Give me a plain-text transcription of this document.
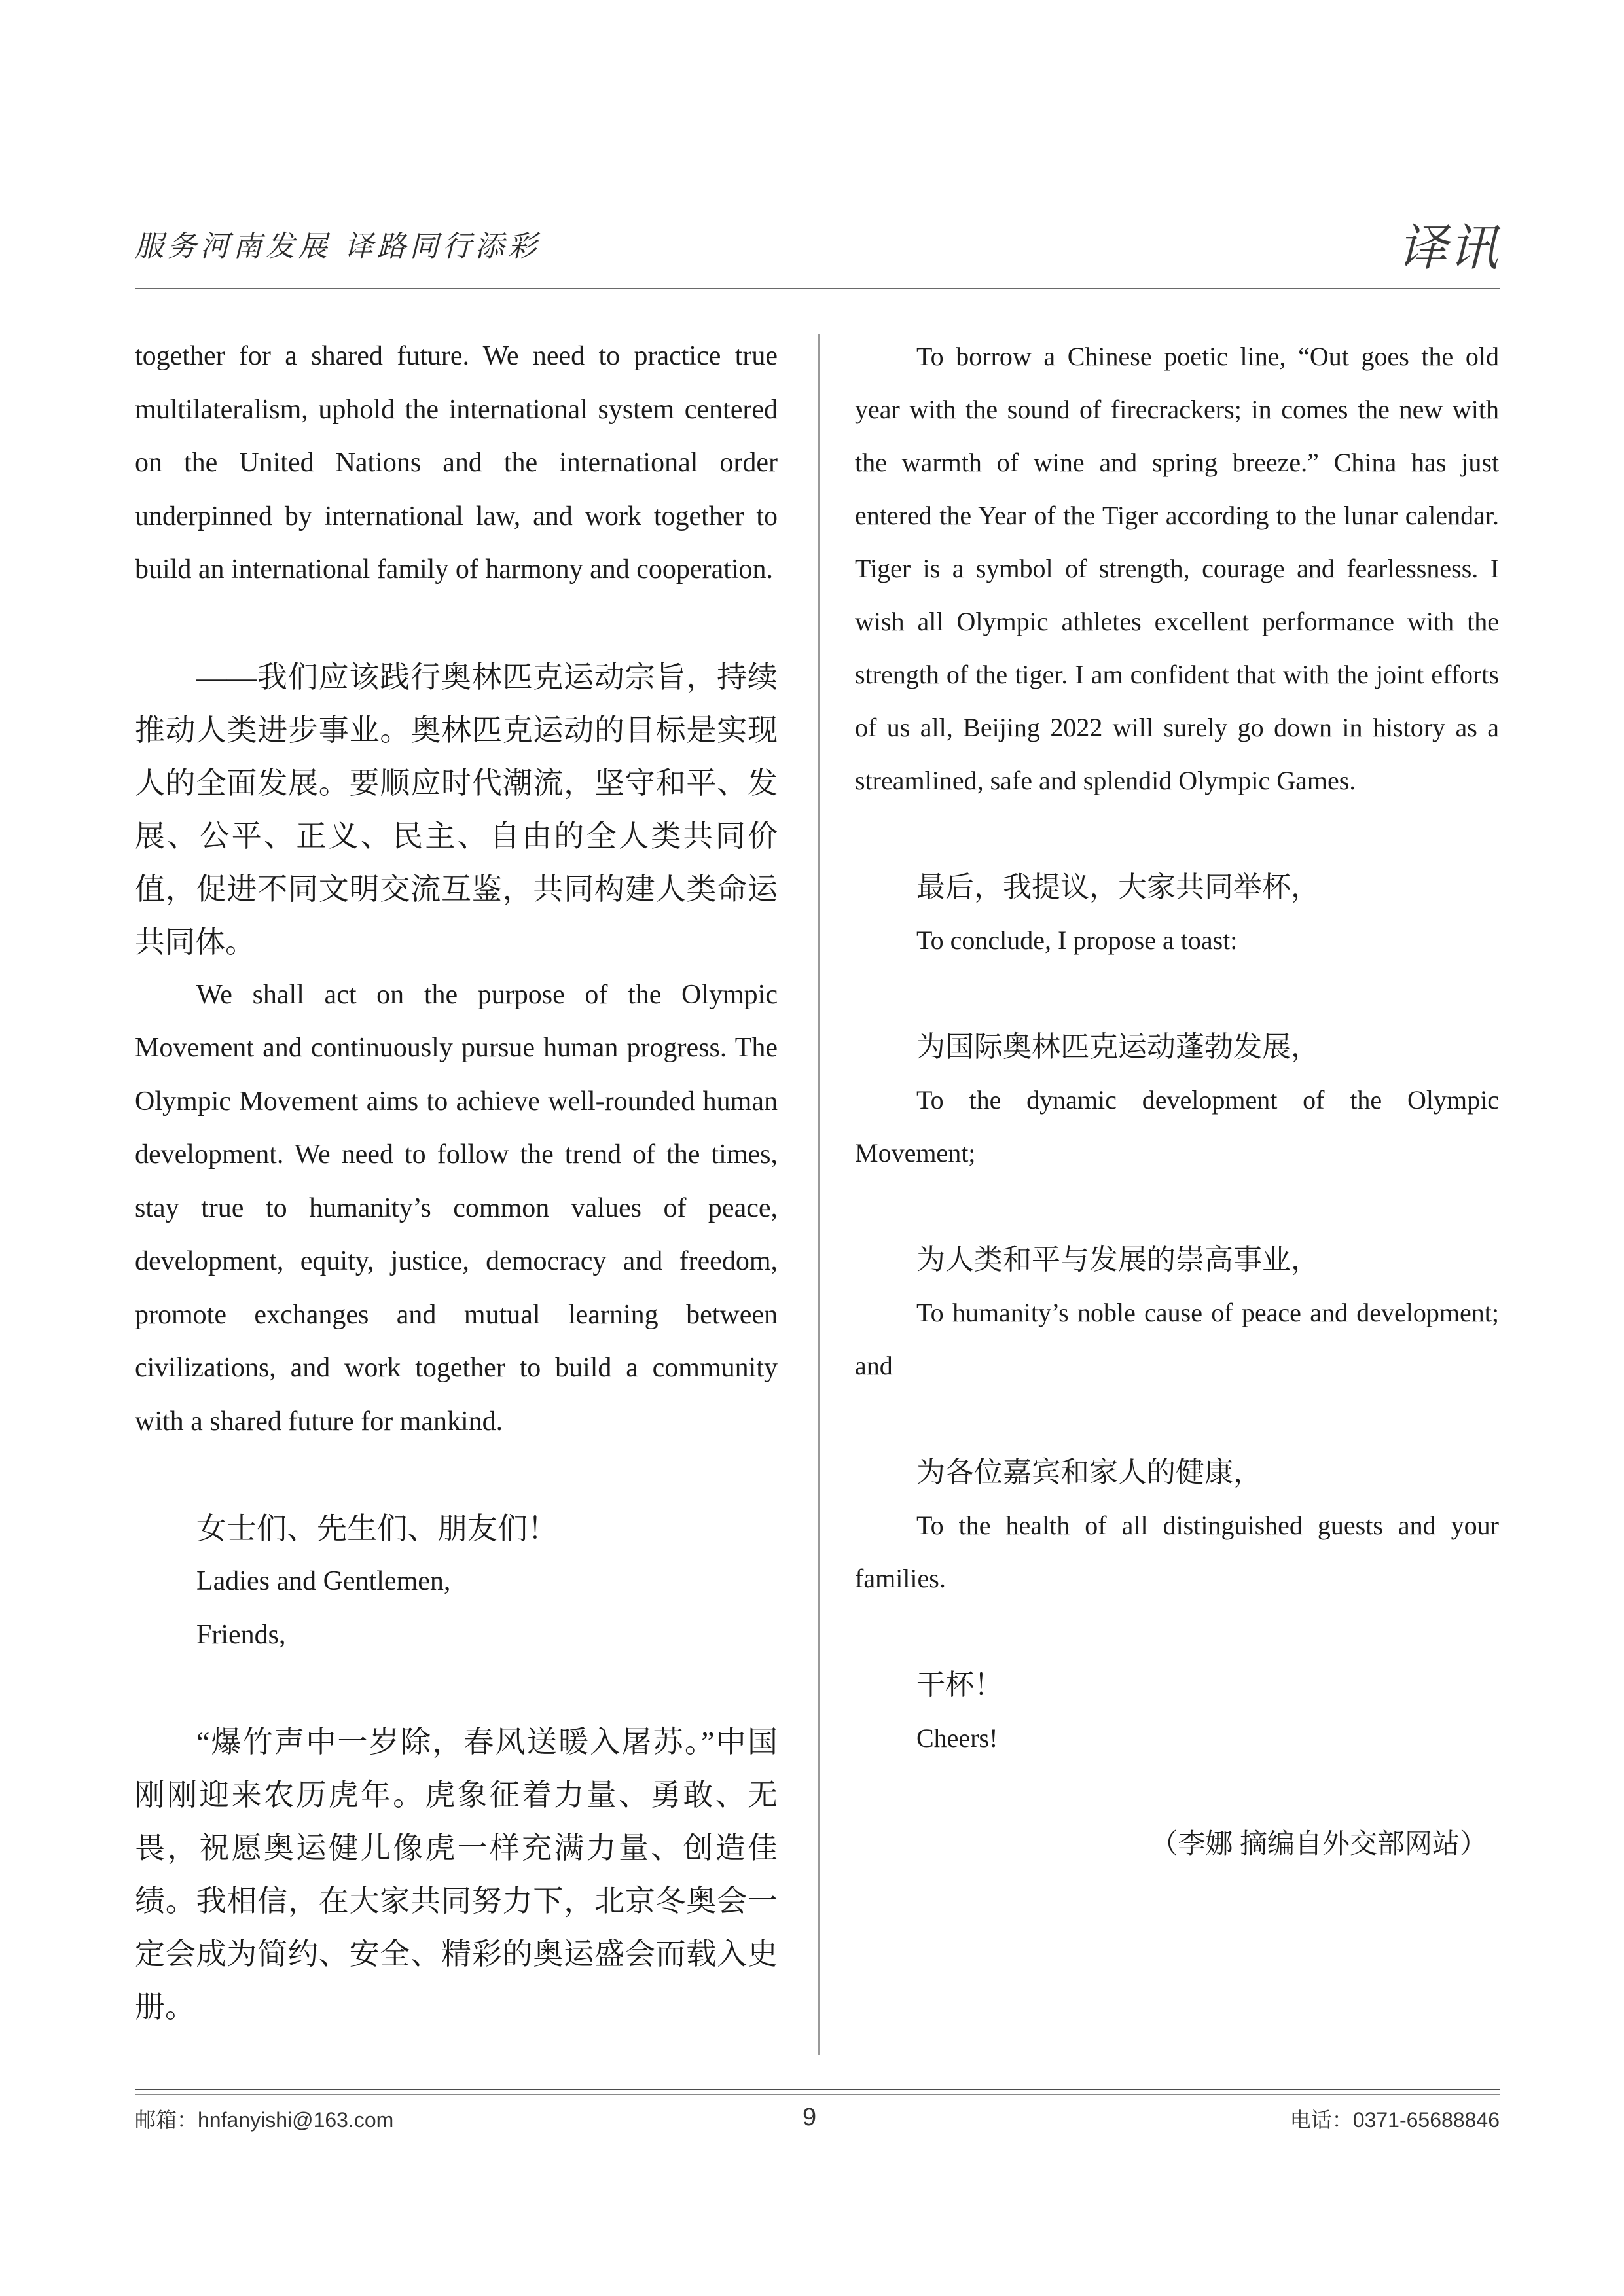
服务河南发展 译路同行添彩	译讯

together for a shared future. We need to practice true multilateralism, uphold the international system centered on the United Nations and the international order underpinned by international law, and work together to build an international family of harmony and cooperation.

——我们应该践行奥林匹克运动宗旨，持续推动人类进步事业。奥林匹克运动的目标是实现人的全面发展。要顺应时代潮流，坚守和平、发展、公平、正义、民主、自由的全人类共同价值，促进不同文明交流互鉴，共同构建人类命运共同体。

We shall act on the purpose of the Olympic Movement and continuously pursue human progress. The Olympic Movement aims to achieve well-rounded human development. We need to follow the trend of the times, stay true to humanity’s common values of peace, development, equity, justice, democracy and freedom, promote exchanges and mutual learning between civilizations, and work together to build a community with a shared future for mankind.

女士们、先生们、朋友们！

Ladies and Gentlemen,

Friends,

“爆竹声中一岁除，春风送暖入屠苏。”中国刚刚迎来农历虎年。虎象征着力量、勇敢、无畏，祝愿奥运健儿像虎一样充满力量、创造佳绩。我相信，在大家共同努力下，北京冬奥会一定会成为简约、安全、精彩的奥运盛会而载入史册。

To borrow a Chinese poetic line, “Out goes the old year with the sound of firecrackers; in comes the new with the warmth of wine and spring breeze.” China has just entered the Year of the Tiger according to the lunar calendar. Tiger is a symbol of strength, courage and fearlessness. I wish all Olympic athletes excellent performance with the strength of the tiger. I am confident that with the joint efforts of us all, Beijing 2022 will surely go down in history as a streamlined, safe and splendid Olympic Games.

最后，我提议，大家共同举杯，

To conclude, I propose a toast:

为国际奥林匹克运动蓬勃发展，

To the dynamic development of the Olympic Movement;

为人类和平与发展的崇高事业，

To humanity’s noble cause of peace and development; and

为各位嘉宾和家人的健康，

To the health of all distinguished guests and your families.

干杯！

Cheers!

（李娜 摘编自外交部网站）

邮箱：hnfanyishi@163.com	9	电话：0371-65688846
